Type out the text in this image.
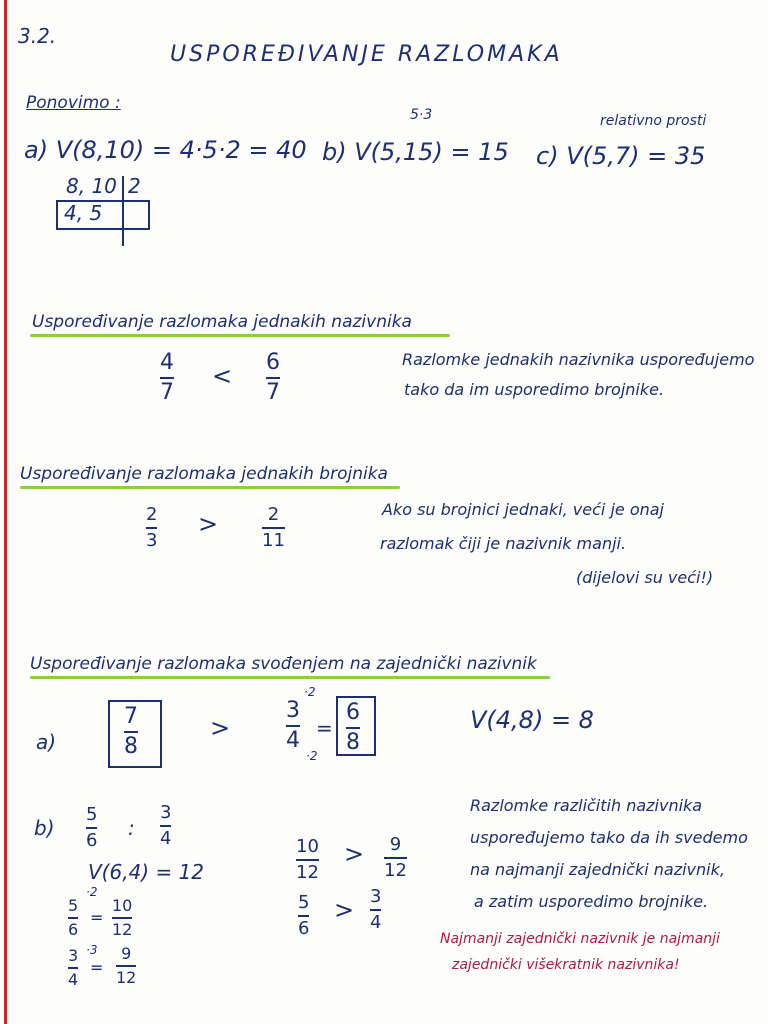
3.2.
USPOREĐIVANJE RAZLOMAKA
Ponovimo :
a) V(8,10) = 4·5·2 = 40
5·3
b) V(5,15) = 15
relativno prosti
c) V(5,7) = 35
8, 10 2
4, 5
Uspoređivanje razlomaka jednakih nazivnika
4
7
< 6
7
Razlomke jednakih nazivnika uspoređujemo
tako da im usporedimo brojnike.
Uspoređivanje razlomaka jednakih brojnika
2
3
>	2
11
Ako su brojnici jednaki, veći je onaj
razlomak čiji je nazivnik manji.
(dijelovi su veći!)
Uspoređivanje razlomaka svođenjem na zajednički nazivnik
a)
7
8
>
·2
3
4
·2
=
6
8
V(4,8) = 8
b)
5
6
:
3
4
V(6,4) = 12
·2
5
6
=
10
12
·3
3
4
=
9
12
10
12
> 9
12
5
6
> 3
4
Razlomke različitih nazivnika
uspoređujemo tako da ih svedemo
na najmanji zajednički nazivnik,
a zatim usporedimo brojnike.
Najmanji zajednički nazivnik je najmanji
zajednički višekratnik nazivnika!
